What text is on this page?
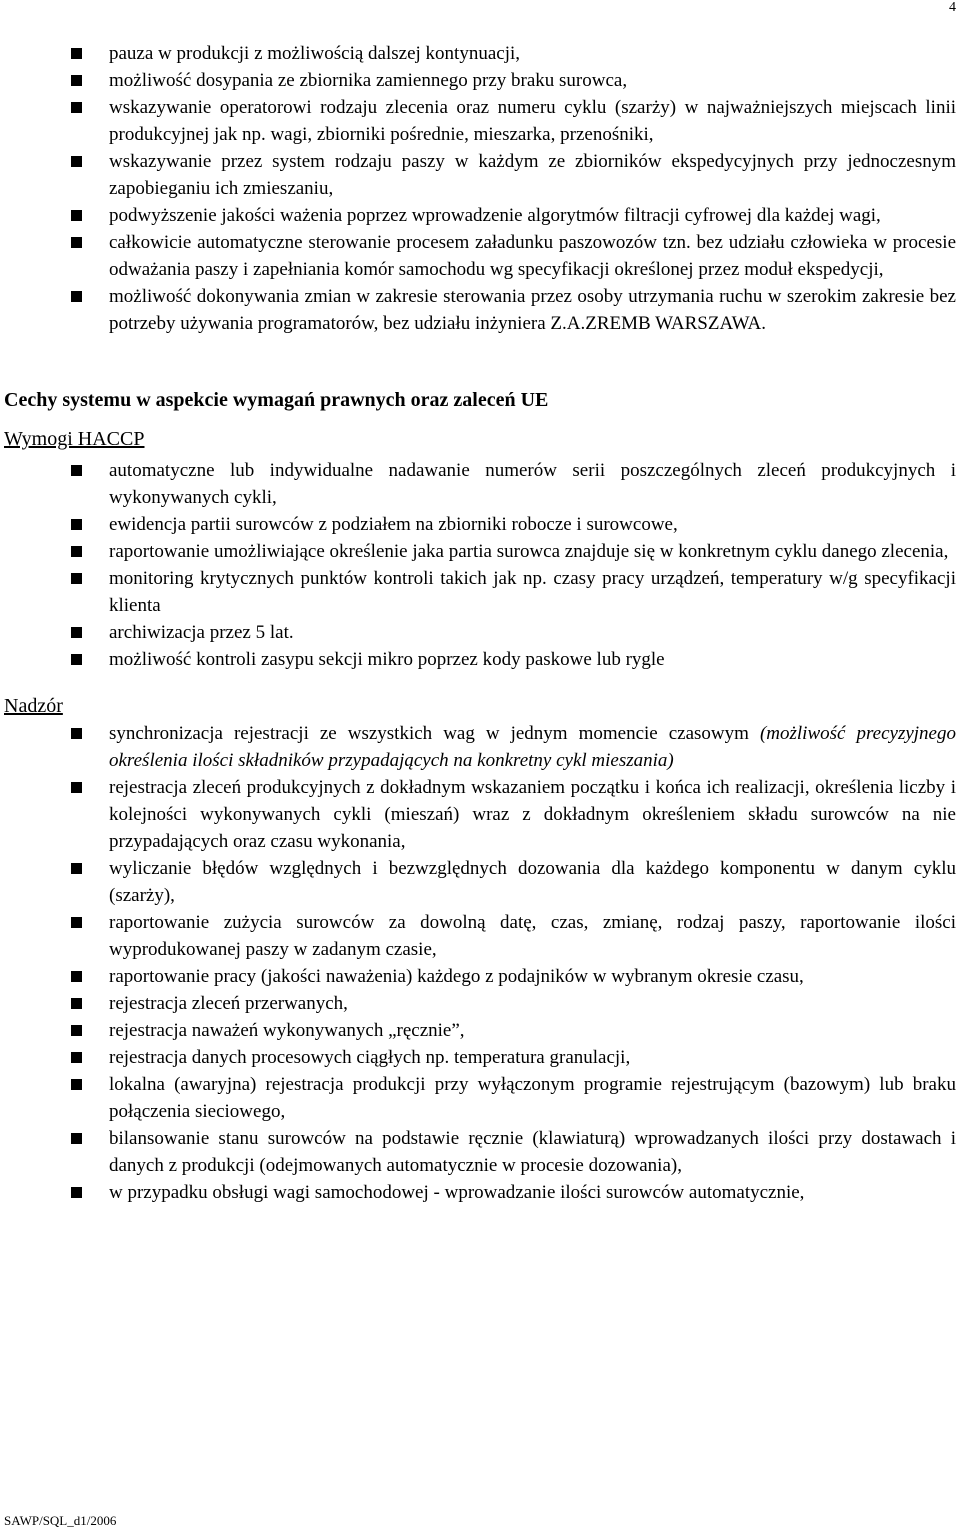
4
pauza w produkcji z możliwością dalszej kontynuacji,
możliwość dosypania ze zbiornika zamiennego przy braku surowca,
wskazywanie operatorowi rodzaju zlecenia oraz numeru cyklu (szarży) w najważniejszych miejscach linii produkcyjnej jak np. wagi, zbiorniki pośrednie, mieszarka, przenośniki,
wskazywanie przez system rodzaju paszy w każdym ze zbiorników ekspedycyjnych przy jednoczesnym zapobieganiu ich zmieszaniu,
podwyższenie jakości ważenia poprzez wprowadzenie algorytmów filtracji cyfrowej dla każdej wagi,
całkowicie automatyczne sterowanie procesem załadunku paszowozów tzn. bez udziału człowieka w procesie odważania paszy i zapełniania komór samochodu wg specyfikacji określonej przez moduł ekspedycji,
możliwość dokonywania zmian w zakresie sterowania przez osoby utrzymania ruchu w szerokim zakresie bez potrzeby używania programatorów, bez udziału inżyniera Z.A.ZREMB WARSZAWA.
Cechy systemu w aspekcie wymagań prawnych oraz zaleceń UE
Wymogi HACCP
automatyczne lub indywidualne nadawanie numerów serii poszczególnych zleceń produkcyjnych i wykonywanych cykli,
ewidencja partii surowców z podziałem na zbiorniki robocze i surowcowe,
raportowanie umożliwiające określenie jaka partia surowca znajduje się w konkretnym cyklu danego zlecenia,
monitoring krytycznych punktów kontroli takich jak np. czasy pracy urządzeń, temperatury w/g specyfikacji klienta
archiwizacja przez 5 lat.
możliwość kontroli zasypu sekcji mikro poprzez kody paskowe lub rygle
Nadzór
synchronizacja rejestracji ze wszystkich wag w jednym momencie czasowym (możliwość precyzyjnego określenia ilości składników przypadających na konkretny cykl mieszania)
rejestracja zleceń produkcyjnych z dokładnym wskazaniem początku i końca ich realizacji, określenia liczby i kolejności wykonywanych cykli (mieszań) wraz z dokładnym określeniem składu surowców na nie przypadających oraz czasu wykonania,
wyliczanie błędów względnych i bezwzględnych dozowania dla każdego komponentu w danym cyklu (szarży),
raportowanie zużycia surowców za dowolną datę, czas, zmianę, rodzaj paszy, raportowanie ilości wyprodukowanej paszy w zadanym czasie,
raportowanie pracy (jakości naważenia) każdego z podajników w wybranym okresie czasu,
rejestracja zleceń przerwanych,
rejestracja naważeń wykonywanych „ręcznie”,
rejestracja danych procesowych ciągłych np. temperatura granulacji,
lokalna (awaryjna) rejestracja produkcji przy wyłączonym programie rejestrującym (bazowym) lub braku połączenia sieciowego,
bilansowanie stanu surowców na podstawie ręcznie (klawiaturą) wprowadzanych ilości przy dostawach i danych z produkcji (odejmowanych automatycznie w procesie dozowania),
w przypadku obsługi wagi samochodowej - wprowadzanie ilości surowców automatycznie,
SAWP/SQL_d1/2006
